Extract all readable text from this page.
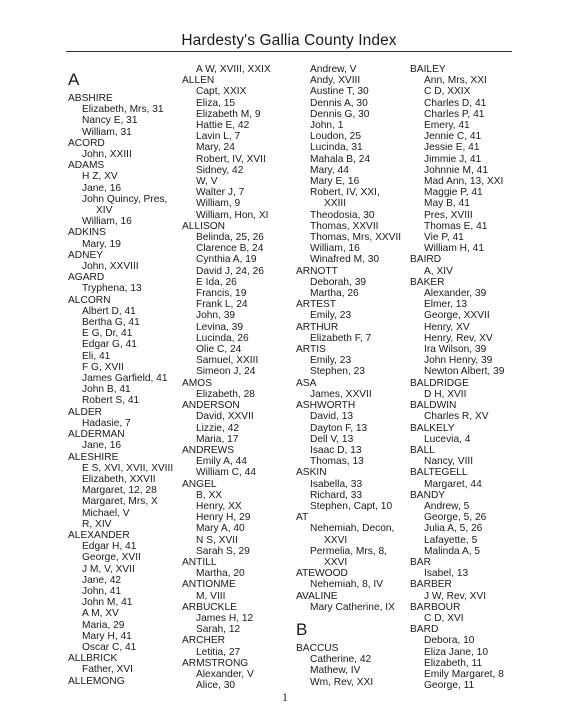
Hardesty's Gallia County Index
A
ABSHIRE
Elizabeth, Mrs, 31
Nancy E, 31
William, 31
ACORD
John, XXIII
ADAMS
H Z, XV
Jane, 16
John Quincy, Pres,
XIV
William, 16
ADKINS
Mary, 19
ADNEY
John, XXVIII
AGARD
Tryphena, 13
ALCORN
Albert D, 41
Bertha G, 41
E G, Dr, 41
Edgar G, 41
Eli, 41
F G, XVII
James Garfield, 41
John B, 41
Robert S, 41
ALDER
Hadasie, 7
ALDERMAN
Jane, 16
ALESHIRE
E S, XVI, XVII, XVIII
Elizabeth, XXVII
Margaret, 12, 28
Margaret, Mrs, X
Michael, V
R, XIV
ALEXANDER
Edgar H, 41
George, XVII
J M, V, XVII
Jane, 42
John, 41
John M, 41
A M, XV
Maria, 29
Mary H, 41
Oscar C, 41
ALLBRICK
Father, XVI
ALLEMONG
A W, XVIII, XXIX
ALLEN
Capt, XXIX
Eliza, 15
Elizabeth M, 9
Hattie E, 42
Lavin L, 7
Mary, 24
Robert, IV, XVII
Sidney, 42
W, V
Walter J, 7
William, 9
William, Hon, XI
ALLISON
Belinda, 25, 26
Clarence B, 24
Cynthia A, 19
David J, 24, 26
E Ida, 26
Francis, 19
Frank L, 24
John, 39
Levina, 39
Lucinda, 26
Olie C, 24
Samuel, XXIII
Simeon J, 24
AMOS
Elizabeth, 28
ANDERSON
David, XXVII
Lizzie, 42
Maria, 17
ANDREWS
Emily A, 44
William C, 44
ANGEL
B, XX
Henry, XX
Henry H, 29
Mary A, 40
N S, XVII
Sarah S, 29
ANTILL
Martha, 20
ANTIONME
M, VIII
ARBUCKLE
James H, 12
Sarah, 12
ARCHER
Letitia, 27
ARMSTRONG
Alexander, V
Alice, 30
Andrew, V
Andy, XVIII
Austine T, 30
Dennis A, 30
Dennis G, 30
John, 1
Loudon, 25
Lucinda, 31
Mahala B, 24
Mary, 44
Mary E, 16
Robert, IV, XXI,
XXIII
Theodosia, 30
Thomas, XXVII
Thomas, Mrs, XXVII
William, 16
Winafred M, 30
ARNOTT
Deborah, 39
Martha, 26
ARTEST
Emily, 23
ARTHUR
Elizabeth F, 7
ARTIS
Emily, 23
Stephen, 23
ASA
James, XXVII
ASHWORTH
David, 13
Dayton F, 13
Dell V, 13
Isaac D, 13
Thomas, 13
ASKIN
Isabella, 33
Richard, 33
Stephen, Capt, 10
AT
Nehemiah, Decon,
XXVI
Permelia, Mrs, 8,
XXVI
ATEWOOD
Nehemiah, 8, IV
AVALINE
Mary Catherine, IX
B
BACCUS
Catherine, 42
Mathew, IV
Wm, Rev, XXI
BAILEY
Ann, Mrs, XXI
C D, XXIX
Charles D, 41
Charles P, 41
Emery, 41
Jennie C, 41
Jessie E, 41
Jimmie J, 41
Johnnie M, 41
Mad Ann, 13, XXI
Maggie P, 41
May B, 41
Pres, XVIII
Thomas E, 41
Vie P, 41
William H, 41
BAIRD
A, XIV
BAKER
Alexander, 39
Elmer, 13
George, XXVII
Henry, XV
Henry, Rev, XV
Ira Wilson, 39
John Henry, 39
Newton Albert, 39
BALDRIDGE
D H, XVII
BALDWIN
Charles R, XV
BALKELY
Lucevia, 4
BALL
Nancy, VIII
BALTEGELL
Margaret, 44
BANDY
Andrew, 5
George, 5, 26
Julia A, 5, 26
Lafayette, 5
Malinda A, 5
BAR
Isabel, 13
BARBER
J W, Rev, XVI
BARBOUR
C D, XVI
BARD
Debora, 10
Eliza Jane, 10
Elizabeth, 11
Emily Margaret, 8
George, 11
1
